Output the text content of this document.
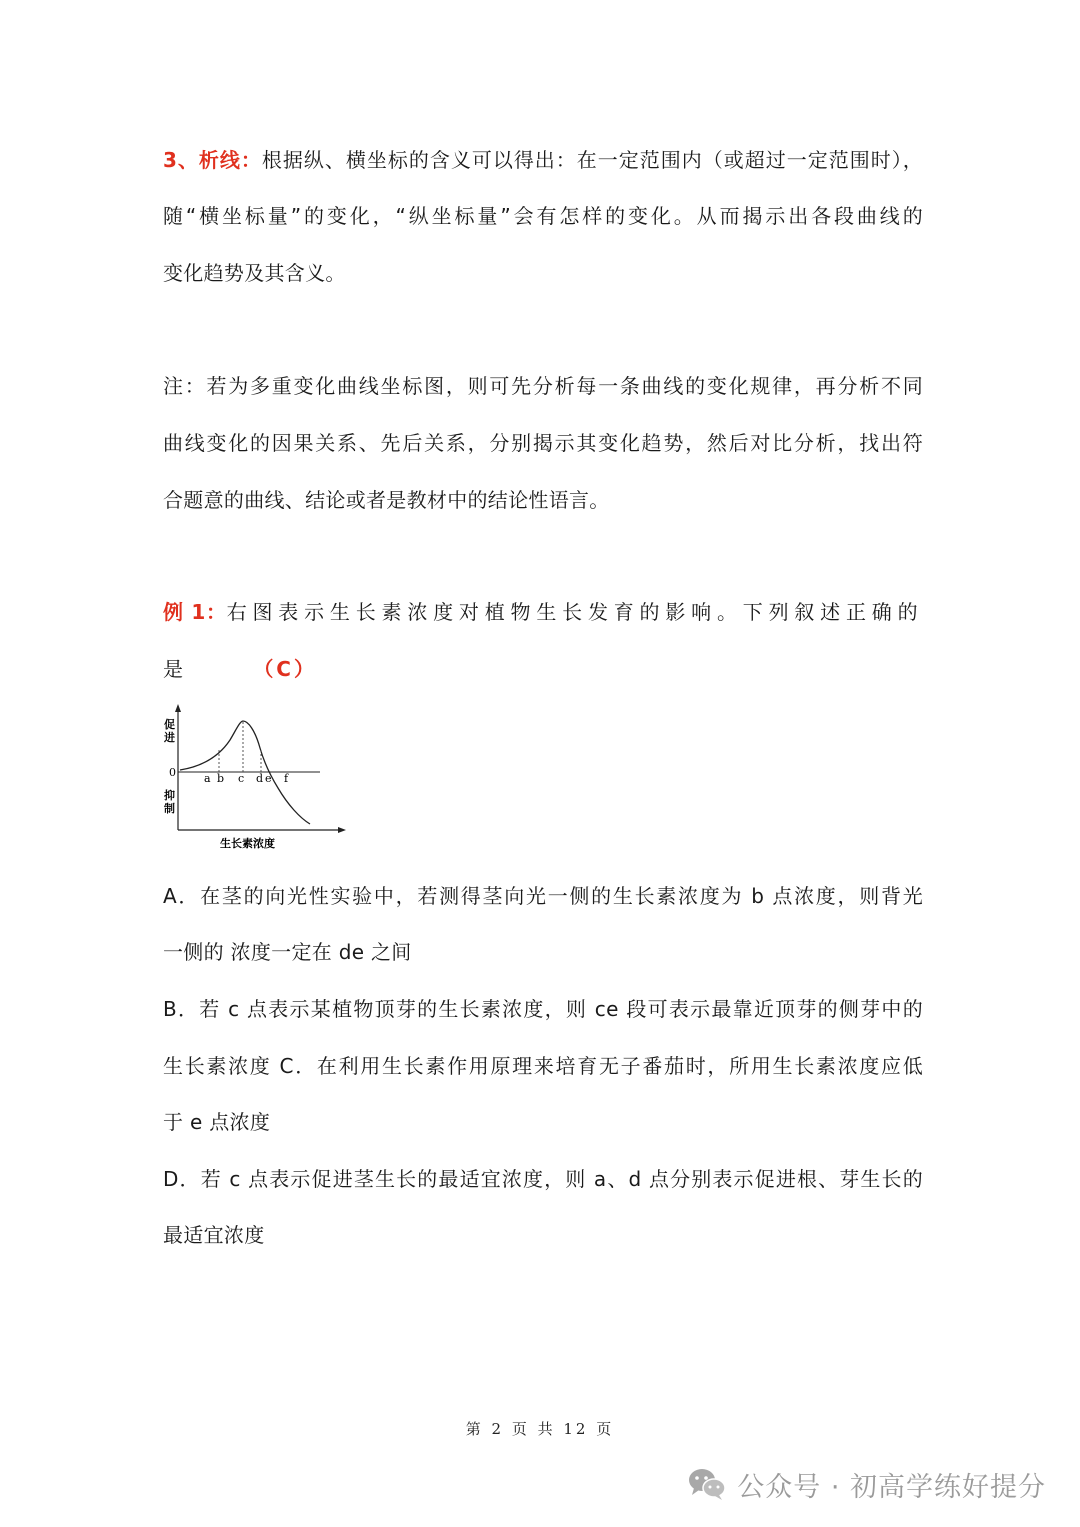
3、析线：根据纵、横坐标的含义可以得出：在一定范围内（或超过一定范围时），
随“横坐标量”的变化，“纵坐标量”会有怎样的变化。从而揭示出各段曲线的
变化趋势及其含义。
注：若为多重变化曲线坐标图，则可先分析每一条曲线的变化规律，再分析不同
曲线变化的因果关系、先后关系，分别揭示其变化趋势，然后对比分析，找出符
合题意的曲线、结论或者是教材中的结论性语言。
例 1：右图表示生长素浓度对植物生长发育的影响。下列叙述正确的
是	（C）
促
进
0
抑
制
a b c d e f
生长素浓度
A．在茎的向光性实验中，若测得茎向光一侧的生长素浓度为 b 点浓度，则背光
一侧的 浓度一定在 de 之间
B．若 c 点表示某植物顶芽的生长素浓度，则 ce 段可表示最靠近顶芽的侧芽中的
生长素浓度 C．在利用生长素作用原理来培育无子番茄时，所用生长素浓度应低
于 e 点浓度
D．若 c 点表示促进茎生长的最适宜浓度，则 a、d 点分别表示促进根、芽生长的
最适宜浓度
第 2 页 共 12 页
公众号 · 初高学练好提分
